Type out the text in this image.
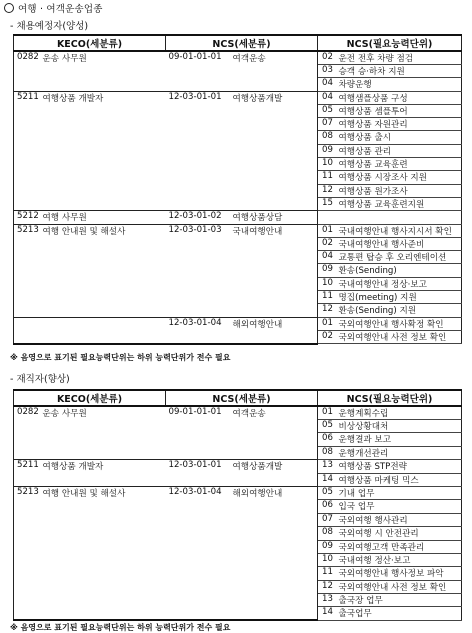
여행 · 여객운송업종
- 채용예정자(양성)
KECO(세분류)		NCS(세분류)		NCS(필요능력단위)	
0282	운송 사무원	09-01-01-01	여객운송	02	운전 전후 차량 점검
				03	승객 승·하차 지원
				04	차량운행
5211	여행상품 개발자	12-03-01-01	여행상품개발	04	여행샘플상품 구성
				05	여행상품 셈플투어
				07	여행상품 자원관리
				08	여행상품 출시
				09	여행상품 관리
				10	여행상품 교육훈련
				11	여행상품 시장조사 지원
				12	여행상품 원가조사
				15	여행상품 교육훈련지원
5212	여행 사무원	12-03-01-02	여행상품상담		
5213	여행 안내원 및 해설사	12-03-01-03	국내여행안내	01	국내여행안내 행사지시서 확인
				02	국내여행안내 행사준비
				04	교통편 탑승 후 오리엔테이션
				09	환송(Sending)
				10	국내여행안내 정상·보고
				11	명집(meeting) 지원
				12	환송(Sending) 지원
		12-03-01-04	해외여행안내	01	국외여행안내 행사확정 확인
				02	국외여행안내 사전 정보 확인
※ 음영으로 표기된 필요능력단위는 하위 능력단위가 전수 필요
- 재직자(향상)
KECO(세분류)		NCS(세분류)		NCS(필요능력단위)	
0282	운송 사무원	09-01-01-01	여객운송	01	운행계획수립
				05	비상상황대처
				06	운행결과 보고
				08	운행개선관리
5211	여행상품 개발자	12-03-01-01	여행상품개발	13	여행상품 STP전략
				14	여행상품 마케팅 믹스
5213	여행 안내원 및 해설사	12-03-01-04	해외여행안내	05	기내 업무
				06	입국 업무
				07	국외여행 행사관리
				08	국외여행 시 안전관리
				09	국외여행고객 만족관리
				10	국내여행 정산·보고
				11	국외여행안내 행사정보 파악
				12	국외여행안내 사전 정보 확인
				13	출국장 업무
				14	출국업무
※ 음영으로 표기된 필요능력단위는 하위 능력단위가 전수 필요
